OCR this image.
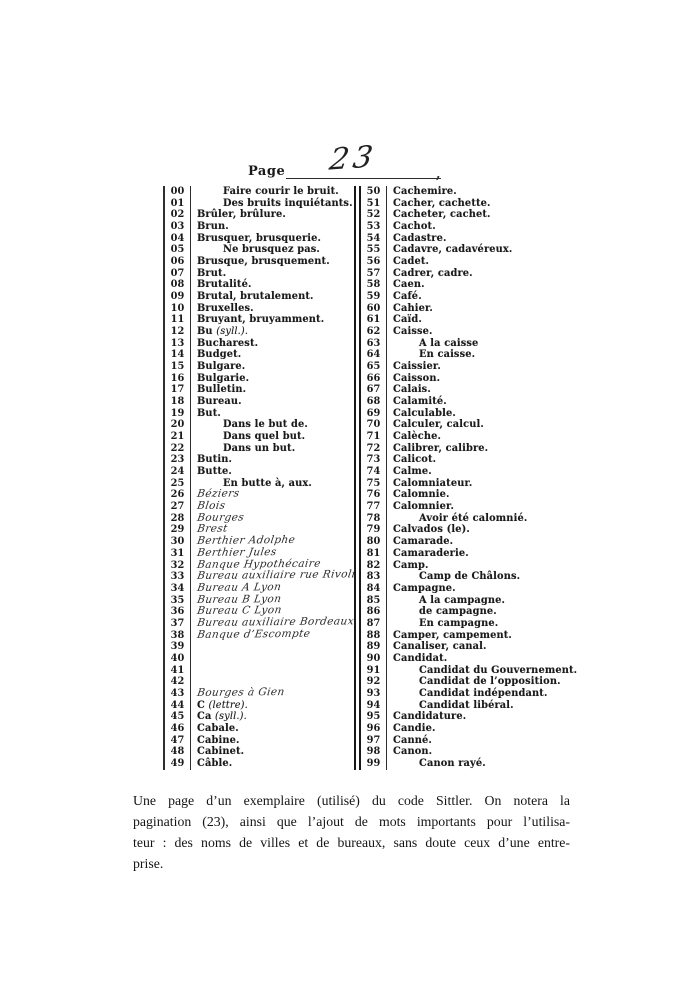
Page 23	,
00	Faire courir le bruit.
01	Des bruits inquiétants.
02	Brûler, brûlure.
03	Brun.
04	Brusquer, brusquerie.
05	Ne brusquez pas.
06	Brusque, brusquement.
07	Brut.
08	Brutalité.
09	Brutal, brutalement.
10	Bruxelles.
11	Bruyant, bruyamment.
12	Bu (syll.).
13	Bucharest.
14	Budget.
15	Bulgare.
16	Bulgarie.
17	Bulletin.
18	Bureau.
19	But.
20	Dans le but de.
21	Dans quel but.
22	Dans un but.
23	Butin.
24	Butte.
25	En butte à, aux.
26	Béziers
27	Blois
28	Bourges
29	Brest
30	Berthier Adolphe
31	Berthier Jules
32	Banque Hypothécaire
33	Bureau auxiliaire rue Rivoli
34	Bureau A Lyon
35	Bureau B Lyon
36	Bureau C Lyon
37	Bureau auxiliaire Bordeaux
38	Banque d’Escompte
39
40
41
42
43	Bourges à Gien
44	C (lettre).
45	Ca (syll.).
46	Cabale.
47	Cabine.
48	Cabinet.
49	Câble.
50	Cachemire.
51	Cacher, cachette.
52	Cacheter, cachet.
53	Cachot.
54	Cadastre.
55	Cadavre, cadavéreux.
56	Cadet.
57	Cadrer, cadre.
58	Caen.
59	Café.
60	Cahier.
61	Caïd.
62	Caisse.
63	A la caisse
64	En caisse.
65	Caissier.
66	Caisson.
67	Calais.
68	Calamité.
69	Calculable.
70	Calculer, calcul.
71	Calèche.
72	Calibrer, calibre.
73	Calicot.
74	Calme.
75	Calomniateur.
76	Calomnie.
77	Calomnier.
78	Avoir été calomnié.
79	Calvados (le).
80	Camarade.
81	Camaraderie.
82	Camp.
83	Camp de Châlons.
84	Campagne.
85	A la campagne.
86	de campagne.
87	En campagne.
88	Camper, campement.
89	Canaliser, canal.
90	Candidat.
91	Candidat du Gouvernement.
92	Candidat de l’opposition.
93	Candidat indépendant.
94	Candidat libéral.
95	Candidature.
96	Candie.
97	Canné.
98	Canon.
99	Canon rayé.

Une page d’un exemplaire (utilisé) du code Sittler. On notera la
pagination (23), ainsi que l’ajout de mots importants pour l’utilisa-
teur : des noms de villes et de bureaux, sans doute ceux d’une entre-
prise.
